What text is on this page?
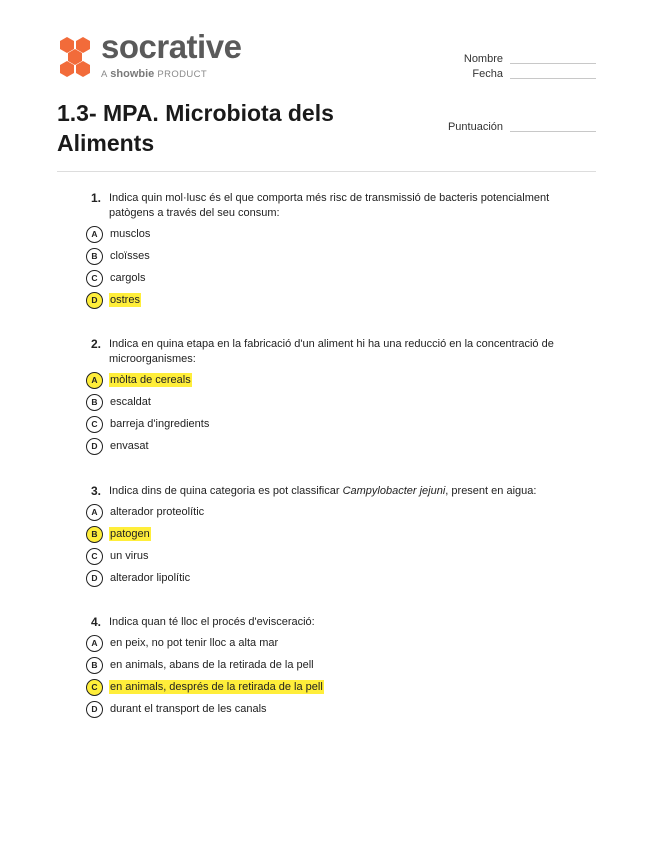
socrative
A showbie PRODUCT
Nombre
Fecha
Puntuación
1.3- MPA. Microbiota dels Aliments
1. Indica quin mol·lusc és el que comporta més risc de transmissió de bacteris potencialment patògens a través del seu consum:
A	musclos
B	cloïsses
C	cargols
D	ostres
2. Indica en quina etapa en la fabricació d'un aliment hi ha una reducció en la concentració de microorganismes:
A	mòlta de cereals
B	escaldat
C	barreja d'ingredients
D	envasat
3. Indica dins de quina categoria es pot classificar Campylobacter jejuni, present en aigua:
A	alterador proteolític
B	patogen
C	un virus
D	alterador lipolític
4. Indica quan té lloc el procés d'evisceració:
A	en peix, no pot tenir lloc a alta mar
B	en animals, abans de la retirada de la pell
C	en animals, després de la retirada de la pell
D	durant el transport de les canals
